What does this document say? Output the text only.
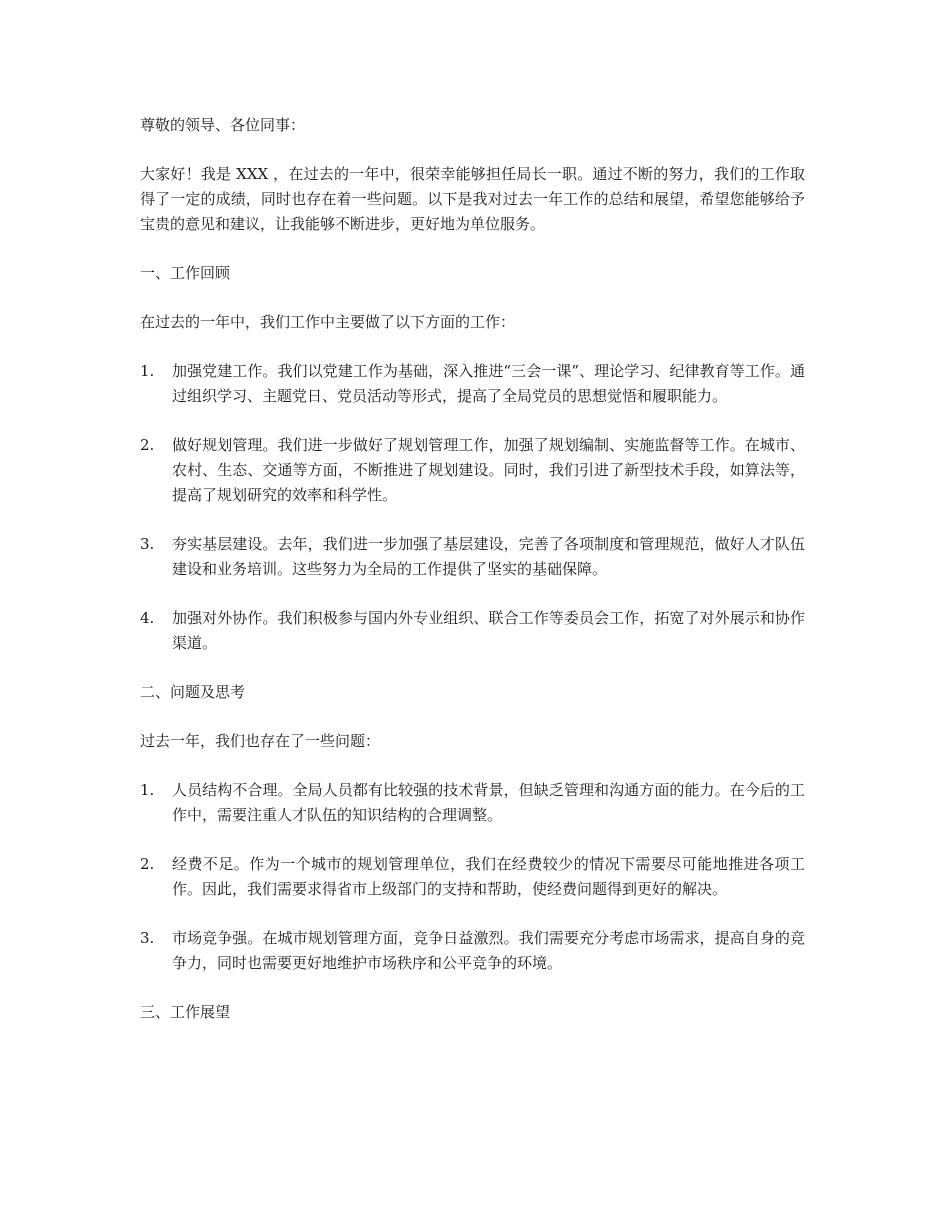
尊敬的领导、各位同事：

大家好！我是 XXX ，在过去的一年中，很荣幸能够担任局长一职。通过不断的努力，我们的工作取得了一定的成绩，同时也存在着一些问题。以下是我对过去一年工作的总结和展望，希望您能够给予宝贵的意见和建议，让我能够不断进步，更好地为单位服务。

一、工作回顾

在过去的一年中，我们工作中主要做了以下方面的工作：

1. 加强党建工作。我们以党建工作为基础，深入推进“三会一课”、理论学习、纪律教育等工作。通过组织学习、主题党日、党员活动等形式，提高了全局党员的思想觉悟和履职能力。
2. 做好规划管理。我们进一步做好了规划管理工作，加强了规划编制、实施监督等工作。在城市、农村、生态、交通等方面，不断推进了规划建设。同时，我们引进了新型技术手段，如算法等，提高了规划研究的效率和科学性。
3. 夯实基层建设。去年，我们进一步加强了基层建设，完善了各项制度和管理规范，做好人才队伍建设和业务培训。这些努力为全局的工作提供了坚实的基础保障。
4. 加强对外协作。我们积极参与国内外专业组织、联合工作等委员会工作，拓宽了对外展示和协作渠道。

二、问题及思考

过去一年，我们也存在了一些问题：

1. 人员结构不合理。全局人员都有比较强的技术背景，但缺乏管理和沟通方面的能力。在今后的工作中，需要注重人才队伍的知识结构的合理调整。
2. 经费不足。作为一个城市的规划管理单位，我们在经费较少的情况下需要尽可能地推进各项工作。因此，我们需要求得省市上级部门的支持和帮助，使经费问题得到更好的解决。
3. 市场竞争强。在城市规划管理方面，竞争日益激烈。我们需要充分考虑市场需求，提高自身的竞争力，同时也需要更好地维护市场秩序和公平竞争的环境。

三、工作展望
